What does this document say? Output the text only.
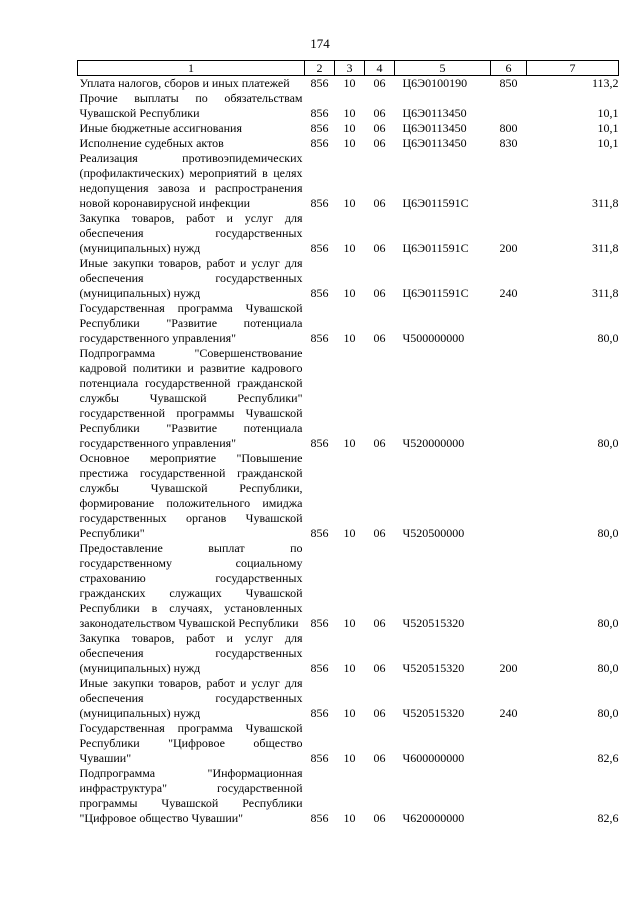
174
1	2	3	4	5	6	7
Уплата налогов, сборов и иных платежей	856	10	06	Ц6Э0100190	850	113,2
Прочие выплаты по обязательствам Чувашской Республики	856	10	06	Ц6Э0113450		10,1
Иные бюджетные ассигнования	856	10	06	Ц6Э0113450	800	10,1
Исполнение судебных актов	856	10	06	Ц6Э0113450	830	10,1
Реализация противоэпидемических (профилактических) мероприятий в целях недопущения завоза и распространения новой коронавирусной инфекции	856	10	06	Ц6Э011591С		311,8
Закупка товаров, работ и услуг для обеспечения государственных (муниципальных) нужд	856	10	06	Ц6Э011591С	200	311,8
Иные закупки товаров, работ и услуг для обеспечения государственных (муниципальных) нужд	856	10	06	Ц6Э011591С	240	311,8
Государственная программа Чувашской Республики "Развитие потенциала государственного управления"	856	10	06	Ч500000000		80,0
Подпрограмма "Совершенствование кадровой политики и развитие кадрового потенциала государственной гражданской службы Чувашской Республики" государственной программы Чувашской Республики "Развитие потенциала государственного управления"	856	10	06	Ч520000000		80,0
Основное мероприятие "Повышение престижа государственной гражданской службы Чувашской Республики, формирование положительного имиджа государственных органов Чувашской Республики"	856	10	06	Ч520500000		80,0
Предоставление выплат по государственному социальному страхованию государственных гражданских служащих Чувашской Республики в случаях, установленных законодательством Чувашской Республики	856	10	06	Ч520515320		80,0
Закупка товаров, работ и услуг для обеспечения государственных (муниципальных) нужд	856	10	06	Ч520515320	200	80,0
Иные закупки товаров, работ и услуг для обеспечения государственных (муниципальных) нужд	856	10	06	Ч520515320	240	80,0
Государственная программа Чувашской Республики "Цифровое общество Чувашии"	856	10	06	Ч600000000		82,6
Подпрограмма "Информационная инфраструктура" государственной программы Чувашской Республики "Цифровое общество Чувашии"	856	10	06	Ч620000000		82,6
